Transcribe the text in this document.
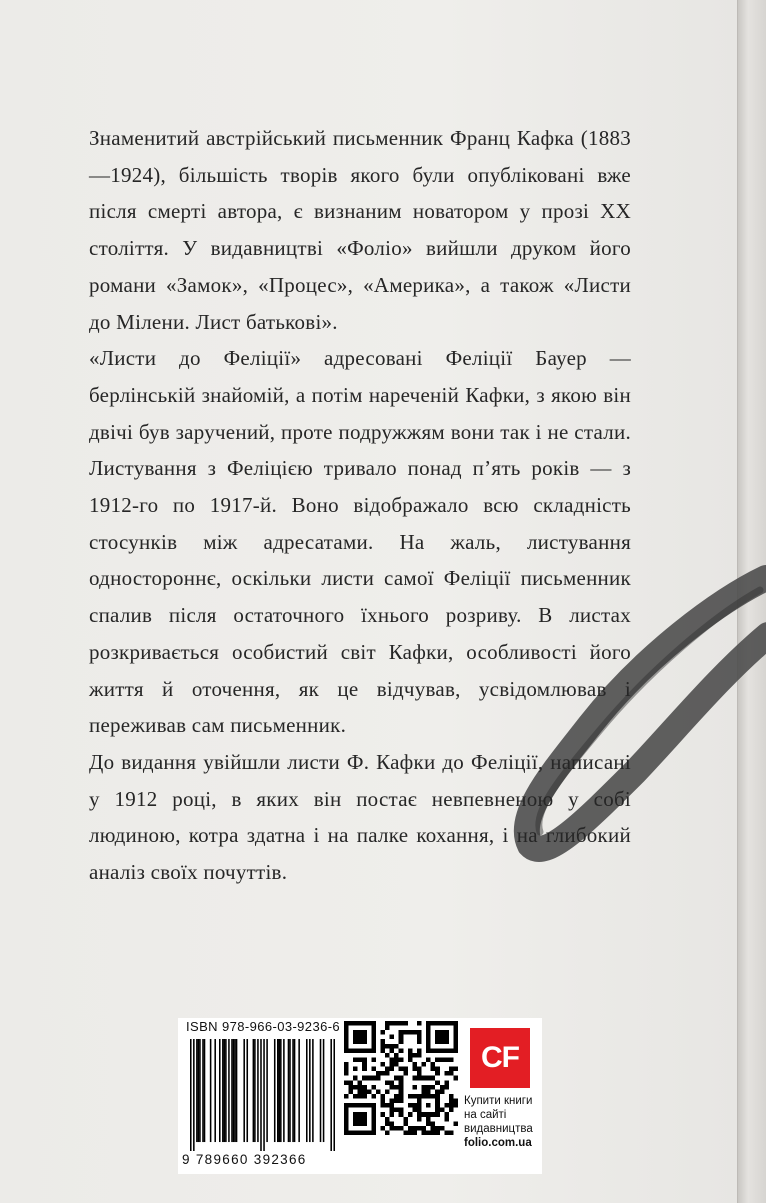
Знаменитий австрійський письменник Франц Кафка (1883—1924), більшість творів якого були опубліковані вже після смерті автора, є визнаним новатором у прозі XX століття. У видавництві «Фоліо» вийшли друком його романи «Замок», «Процес», «Америка», а також «Листи до Мілени. Лист батькові».

«Листи до Феліції» адресовані Феліції Бауер — берлінській знайомій, а потім нареченій Кафки, з якою він двічі був заручений, проте подружжям вони так і не стали. Листування з Феліцією тривало понад п’ять років — з 1912-го по 1917-й. Воно відображало всю складність стосунків між адресатами. На жаль, листування одностороннє, оскільки листи самої Феліції письменник спалив після остаточного їхнього розриву. В листах розкривається особистий світ Кафки, особливості його життя й оточення, як це відчував, усвідомлював і переживав сам письменник.

До видання увійшли листи Ф. Кафки до Феліції, написані у 1912 році, в яких він постає невпевненою у собі людиною, котра здатна і на палке кохання, і на глибокий аналіз своїх почуттів.

ISBN 978-966-03-9236-6
9 789660 392366
CF
Купити книги
на сайті
видавництва
folio.com.ua
